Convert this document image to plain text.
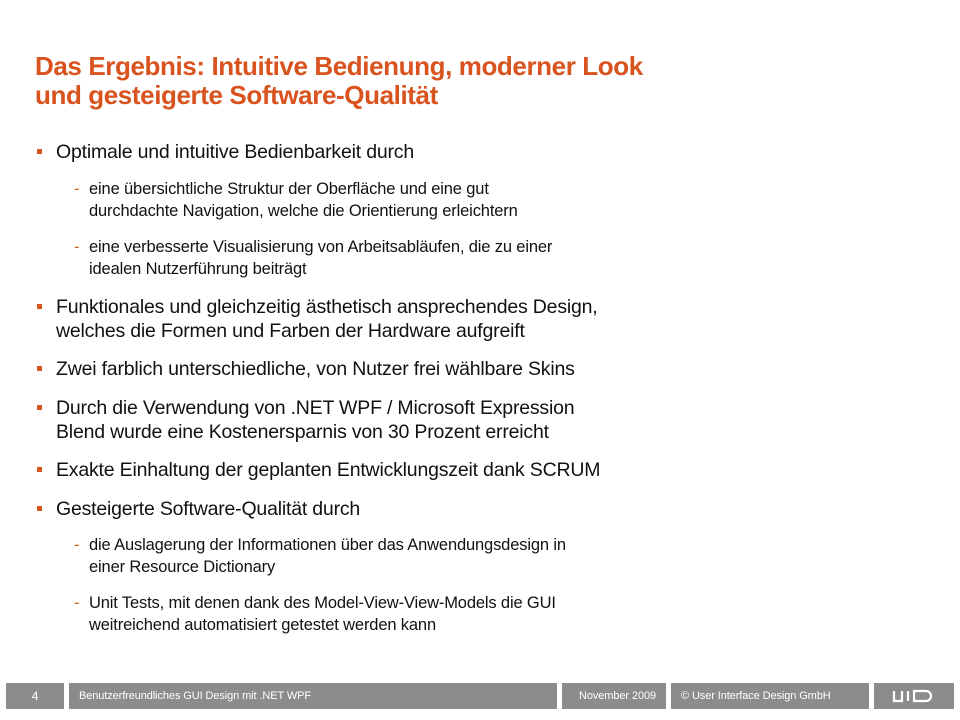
Das Ergebnis: Intuitive Bedienung, moderner Look
und gesteigerte Software-Qualität
Optimale und intuitive Bedienbarkeit durch
- eine übersichtliche Struktur der Oberfläche und eine gut
durchdachte Navigation, welche die Orientierung erleichtern
- eine verbesserte Visualisierung von Arbeitsabläufen, die zu einer
idealen Nutzerführung beiträgt
Funktionales und gleichzeitig ästhetisch ansprechendes Design,
welches die Formen und Farben der Hardware aufgreift
Zwei farblich unterschiedliche, von Nutzer frei wählbare Skins
Durch die Verwendung von .NET WPF / Microsoft Expression
Blend wurde eine Kostenersparnis von 30 Prozent erreicht
Exakte Einhaltung der geplanten Entwicklungszeit dank SCRUM
Gesteigerte Software-Qualität durch
- die Auslagerung der Informationen über das Anwendungsdesign in
einer Resource Dictionary
- Unit Tests, mit denen dank des Model-View-View-Models die GUI
weitreichend automatisiert getestet werden kann
4	Benutzerfreundliches GUI Design mit .NET WPF	November 2009	© User Interface Design GmbH
